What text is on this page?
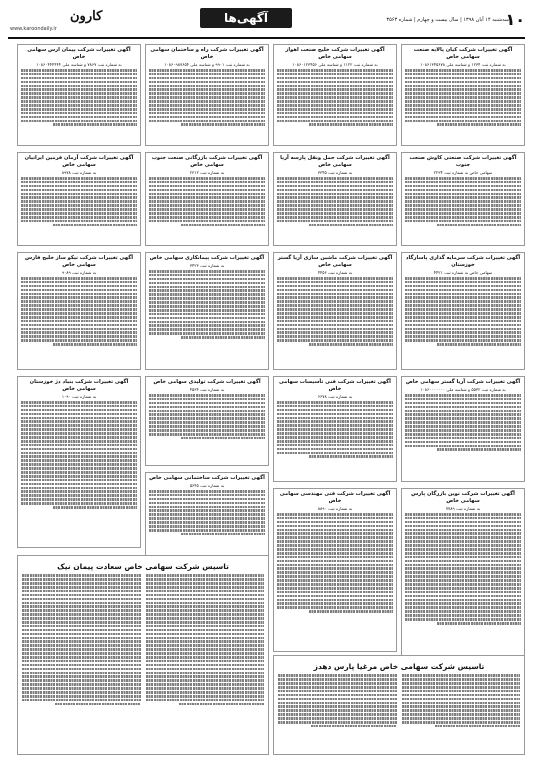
کارون
www.karoondaily.ir
آگهی‌ها	سه‌شنبه ۱۴ آبان ۱۳۹۸ | سال بیست و چهارم | شماره ۳۵۶۳
۱۰
آگهی تغییرات شرکت کیان پالایه صنعت سهامی خاص
به شماره ثبت ۱۲۳۴ و شناسه ملی ۱۰۸۶۱۳۴۵۶۷۸
آگهی تغییرات شرکت صنعتی کاوش صنعت جنوب
سهامی خاص به شماره ثبت ۲۲۳۴
آگهی تغییرات شرکت سرمایه گذاری پاسارگاد خوزستان
سهامی خاص به شماره ثبت ۴۴۲۱
آگهی تغییرات شرکت آریا گستر سهامی خاص
به شماره ثبت ۵۵۳۲ و شناسه ملی ۱۰۸۶۰۰۰۰۰۰۰
آگهی تغییرات شرکت نوین بازرگان پارس سهامی خاص
به شماره ثبت ۷۷۸۹
آگهی تغییرات شرکت خلیج صنعت اهواز سهامی خاص
به شماره ثبت ۱۱۲۲ و شناسه ملی ۱۰۸۶۰۱۲۳۴۵۶
آگهی تغییرات شرکت حمل ونقل پارسه آریا سهامی خاص
به شماره ثبت ۳۳۴۵
آگهی تغییرات شرکت ماشین سازی آریا گستر سهامی خاص
به شماره ثبت ۴۴۵۶
آگهی تغییرات شرکت فنی تأسیسات سهامی خاص
به شماره ثبت ۶۶۷۸
آگهی تغییرات شرکت فنی مهندسی سهامی خاص
به شماره ثبت ۸۸۹۰
آگهی تغییرات شرکت راه و ساختمان سهامی خاص
به شماره ثبت ۹۹۰۱ و شناسه ملی ۱۰۸۶۰۹۸۷۶۵۴
آگهی تغییرات شرکت بازرگانی صنعت جنوب سهامی خاص
به شماره ثبت ۲۳۱۲
آگهی تغییرات شرکت پیمانکاری سهامی خاص
به شماره ثبت ۳۴۲۳
آگهی تغییرات شرکت تولیدی سهامی خاص
به شماره ثبت ۴۵۳۴
آگهی تغییرات شرکت ساختمانی سهامی خاص
به شماره ثبت ۵۶۴۵
آگهی تغییرات شرکت پیمان ارس سهامی خاص
به شماره ثبت ۷۸۶۷ و شناسه ملی ۱۰۸۶۰۴۴۴۴۴۴
آگهی تغییرات شرکت آرمان فرمین ایرانیان سهامی خاص
به شماره ثبت ۸۹۷۸
آگهی تغییرات شرکت نیکو ساز خلیج فارس سهامی خاص
به شماره ثبت ۹۰۸۹
آگهی تغییرات شرکت بنیاد دژ خوزستان سهامی خاص
به شماره ثبت ۱۰۹۰
تاسیس شرکت سهامی خاص سعادت پیمان نیک
تاسیس شرکت سهامی خاص مرغیا پارس دهدز
